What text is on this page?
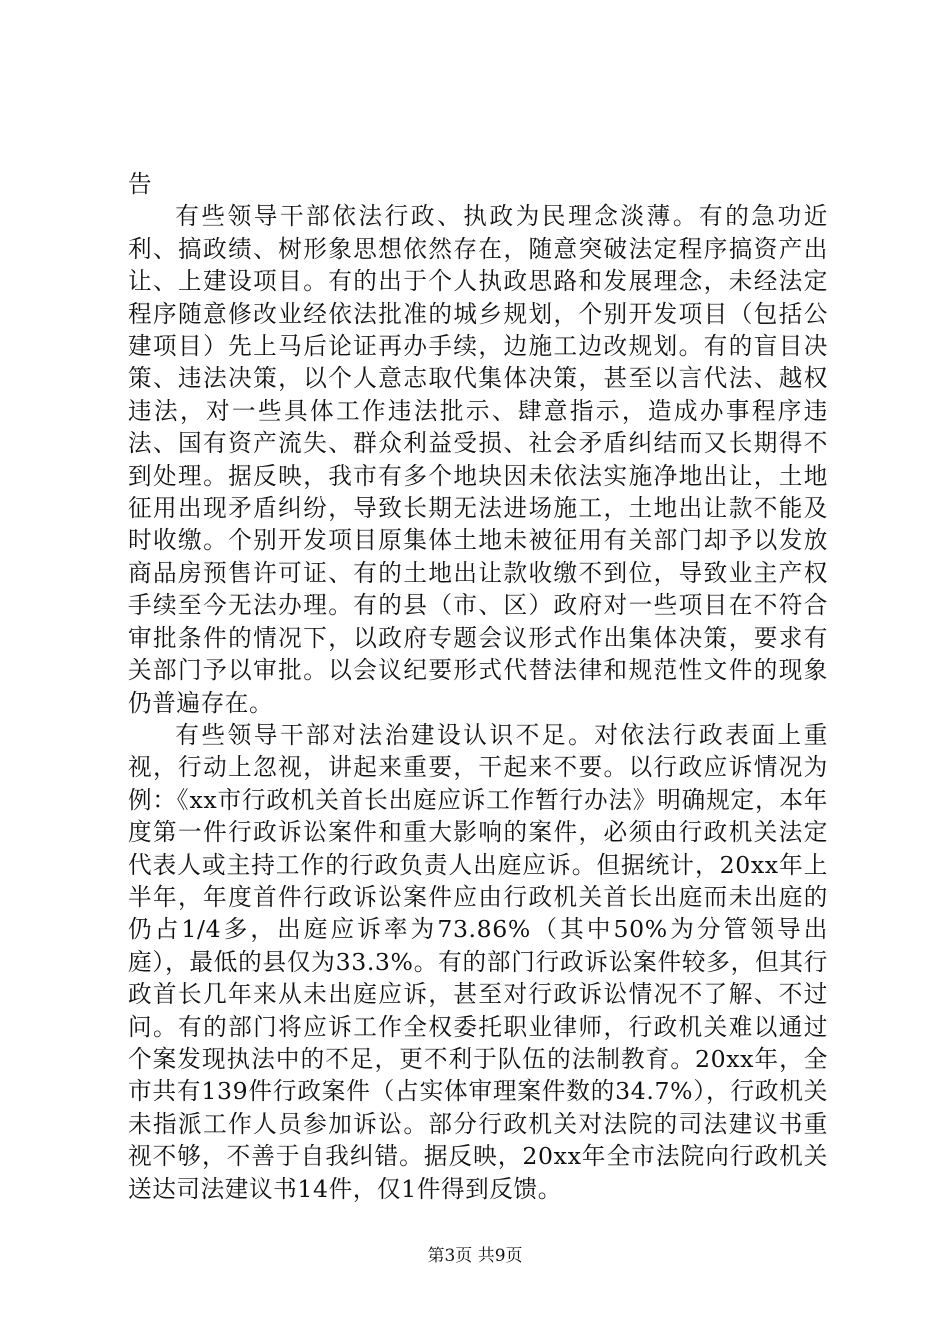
告

有些领导干部依法行政、执政为民理念淡薄。有的急功近利、搞政绩、树形象思想依然存在，随意突破法定程序搞资产出让、上建设项目。有的出于个人执政思路和发展理念，未经法定程序随意修改业经依法批准的城乡规划，个别开发项目（包括公建项目）先上马后论证再办手续，边施工边改规划。有的盲目决策、违法决策，以个人意志取代集体决策，甚至以言代法、越权违法，对一些具体工作违法批示、肆意指示，造成办事程序违法、国有资产流失、群众利益受损、社会矛盾纠结而又长期得不到处理。据反映，我市有多个地块因未依法实施净地出让，土地征用出现矛盾纠纷，导致长期无法进场施工，土地出让款不能及时收缴。个别开发项目原集体土地未被征用有关部门却予以发放商品房预售许可证、有的土地出让款收缴不到位，导致业主产权手续至今无法办理。有的县（市、区）政府对一些项目在不符合审批条件的情况下，以政府专题会议形式作出集体决策，要求有关部门予以审批。以会议纪要形式代替法律和规范性文件的现象仍普遍存在。

有些领导干部对法治建设认识不足。对依法行政表面上重视，行动上忽视，讲起来重要，干起来不要。以行政应诉情况为例：《xx市行政机关首长出庭应诉工作暂行办法》明确规定，本年度第一件行政诉讼案件和重大影响的案件，必须由行政机关法定代表人或主持工作的行政负责人出庭应诉。但据统计，20xx年上半年，年度首件行政诉讼案件应由行政机关首长出庭而未出庭的仍占1/4多，出庭应诉率为73.86%（其中50%为分管领导出庭），最低的县仅为33.3%。有的部门行政诉讼案件较多，但其行政首长几年来从未出庭应诉，甚至对行政诉讼情况不了解、不过问。有的部门将应诉工作全权委托职业律师，行政机关难以通过个案发现执法中的不足，更不利于队伍的法制教育。20xx年，全市共有139件行政案件（占实体审理案件数的34.7%），行政机关未指派工作人员参加诉讼。部分行政机关对法院的司法建议书重视不够，不善于自我纠错。据反映，20xx年全市法院向行政机关送达司法建议书14件，仅1件得到反馈。

第3页 共9页
